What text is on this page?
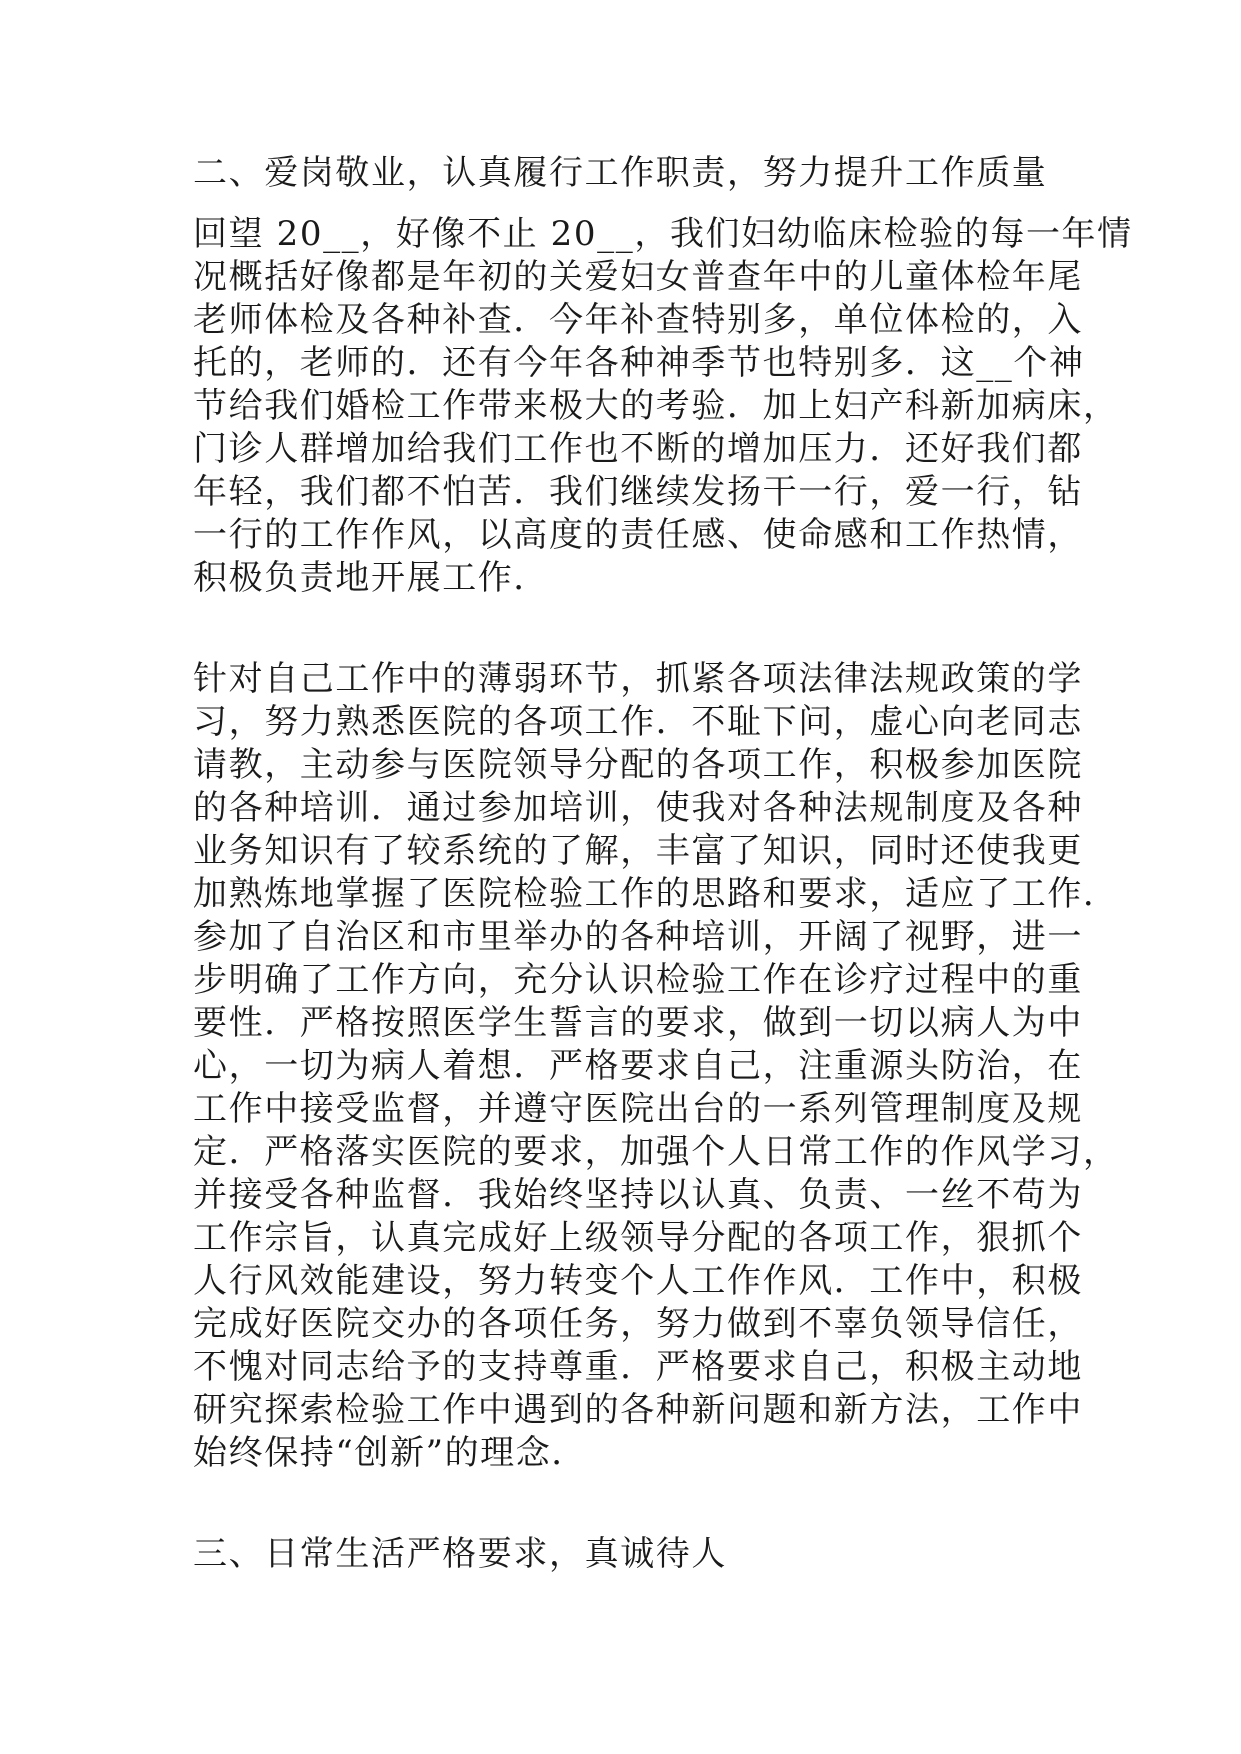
二、爱岗敬业，认真履行工作职责，努力提升工作质量
回望 20__，好像不止 20__，我们妇幼临床检验的每一年情
况概括好像都是年初的关爱妇女普查年中的儿童体检年尾
老师体检及各种补查．今年补查特别多，单位体检的，入
托的，老师的．还有今年各种神季节也特别多．这__个神
节给我们婚检工作带来极大的考验．加上妇产科新加病床，
门诊人群增加给我们工作也不断的增加压力．还好我们都
年轻，我们都不怕苦．我们继续发扬干一行，爱一行，钻
一行的工作作风，以高度的责任感、使命感和工作热情，
积极负责地开展工作．
针对自己工作中的薄弱环节，抓紧各项法律法规政策的学
习，努力熟悉医院的各项工作．不耻下问，虚心向老同志
请教，主动参与医院领导分配的各项工作，积极参加医院
的各种培训．通过参加培训，使我对各种法规制度及各种
业务知识有了较系统的了解，丰富了知识，同时还使我更
加熟炼地掌握了医院检验工作的思路和要求，适应了工作．
参加了自治区和市里举办的各种培训，开阔了视野，进一
步明确了工作方向，充分认识检验工作在诊疗过程中的重
要性．严格按照医学生誓言的要求，做到一切以病人为中
心，一切为病人着想．严格要求自己，注重源头防治，在
工作中接受监督，并遵守医院出台的一系列管理制度及规
定．严格落实医院的要求，加强个人日常工作的作风学习，
并接受各种监督．我始终坚持以认真、负责、一丝不苟为
工作宗旨，认真完成好上级领导分配的各项工作，狠抓个
人行风效能建设，努力转变个人工作作风．工作中，积极
完成好医院交办的各项任务，努力做到不辜负领导信任，
不愧对同志给予的支持尊重．严格要求自己，积极主动地
研究探索检验工作中遇到的各种新问题和新方法，工作中
始终保持“创新”的理念．
三、日常生活严格要求，真诚待人
